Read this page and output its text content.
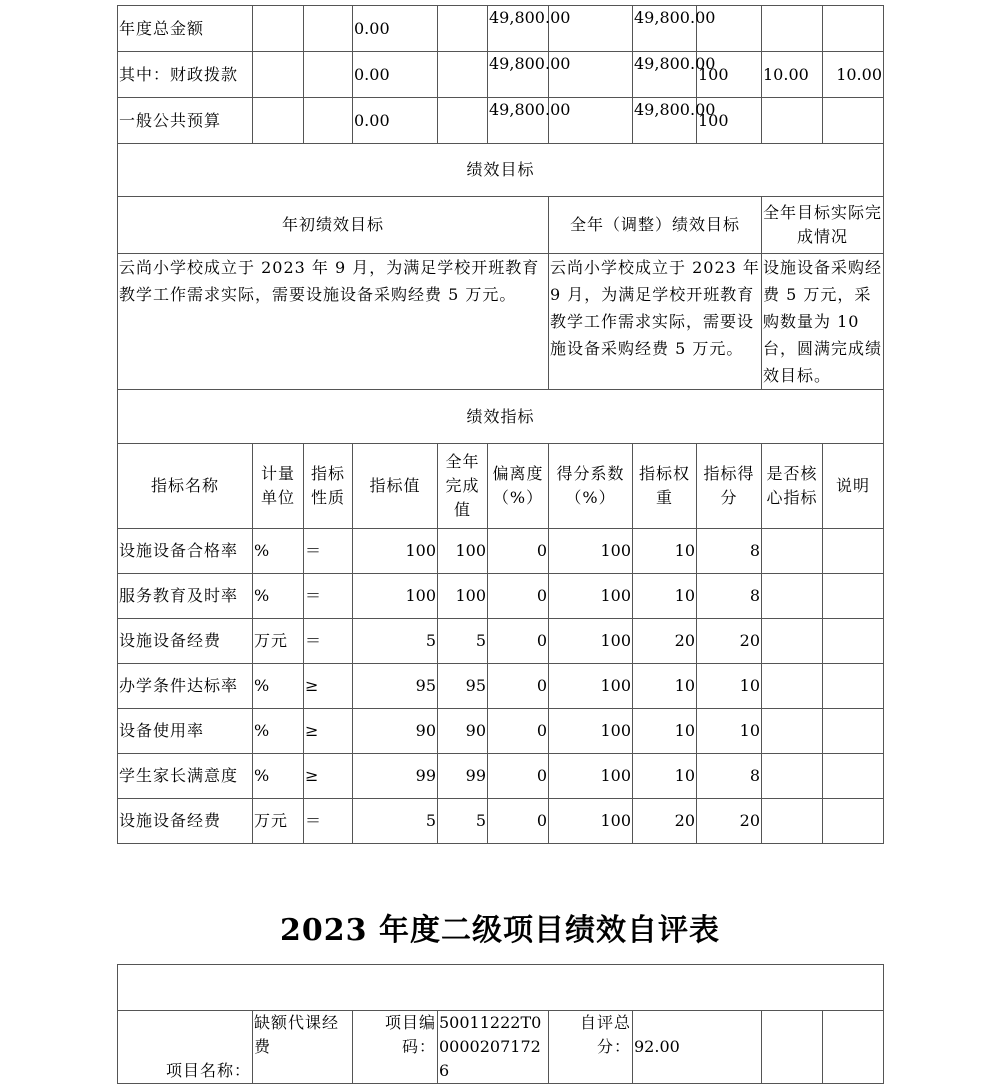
年度总金额			0.00		49,800.00		49,800.00			
其中：财政拨款			0.00		49,800.00		49,800.00	100	10.00	10.00
一般公共预算			0.00		49,800.00		49,800.00	100		
绩效目标										
年初绩效目标						全年（调整）绩效目标			全年目标实际完成情况	
云尚小学校成立于 2023 年 9 月，为满足学校开班教育教学工作需求实际，需要设施设备采购经费 5 万元。						云尚小学校成立于 2023 年 9 月，为满足学校开班教育教学工作需求实际，需要设施设备采购经费 5 万元。			设施设备采购经费 5 万元，采购数量为 10 台，圆满完成绩效目标。	
绩效指标										
指标名称	计量单位	指标性质	指标值	全年完成值	偏离度（%）	得分系数（%）	指标权重	指标得分	是否核心指标	说明
设施设备合格率	%	＝	100	100	0	100	10	8		
服务教育及时率	%	＝	100	100	0	100	10	8		
设施设备经费	万元	＝	5	5	0	100	20	20		
办学条件达标率	%	≥	95	95	0	100	10	10		
设备使用率	%	≥	90	90	0	100	10	10		
学生家长满意度	%	≥	99	99	0	100	10	8		
设施设备经费	万元	＝	5	5	0	100	20	20		
2023 年度二级项目绩效自评表

项目名称：	缺额代课经费	项目编码：	50011222T000002071726	自评总分：	92.00		
